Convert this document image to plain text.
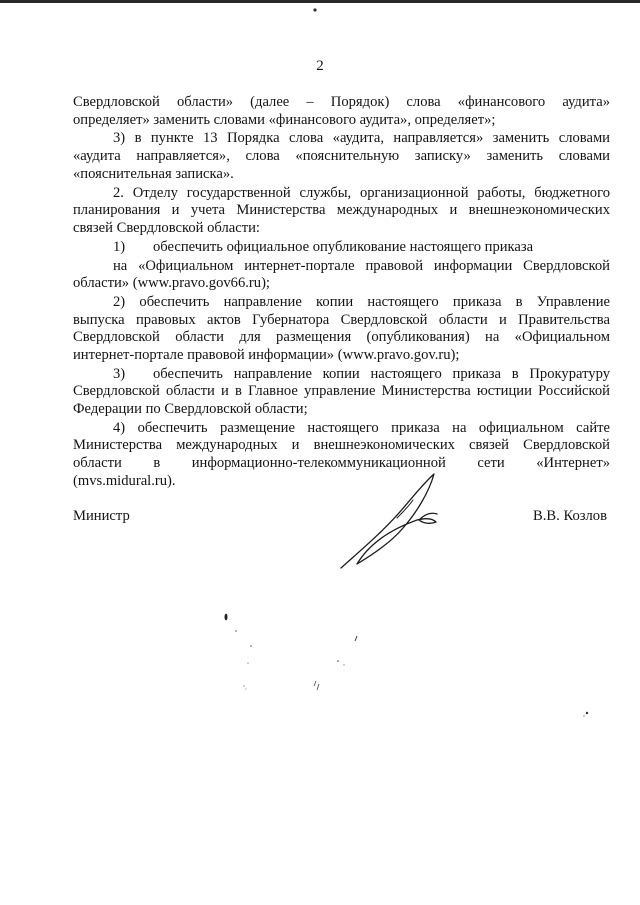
2
Свердловской области» (далее – Порядок) слова «финансового аудита»
определяет» заменить словами «финансового аудита», определяет»;
3) в пункте 13 Порядка слова «аудита, направляется» заменить словами
«аудита направляется», слова «пояснительную записку» заменить словами
«пояснительная записка».
2. Отделу государственной службы, организационной работы, бюджетного
планирования и учета Министерства международных и внешнеэкономических
связей Свердловской области:
1) обеспечить официальное опубликование настоящего приказа
на «Официальном интернет-портале правовой информации Свердловской
области» (www.pravo.gov66.ru);
2) обеспечить направление копии настоящего приказа в Управление
выпуска правовых актов Губернатора Свердловской области и Правительства
Свердловской области для размещения (опубликования) на «Официальном
интернет-портале правовой информации» (www.pravo.gov.ru);
3) обеспечить направление копии настоящего приказа в Прокуратуру
Свердловской области и в Главное управление Министерства юстиции Российской
Федерации по Свердловской области;
4) обеспечить размещение настоящего приказа на официальном сайте
Министерства международных и внешнеэкономических связей Свердловской
области в информационно-телекоммуникационной сети «Интернет»
(mvs.midural.ru).
Министр	В.В. Козлов
